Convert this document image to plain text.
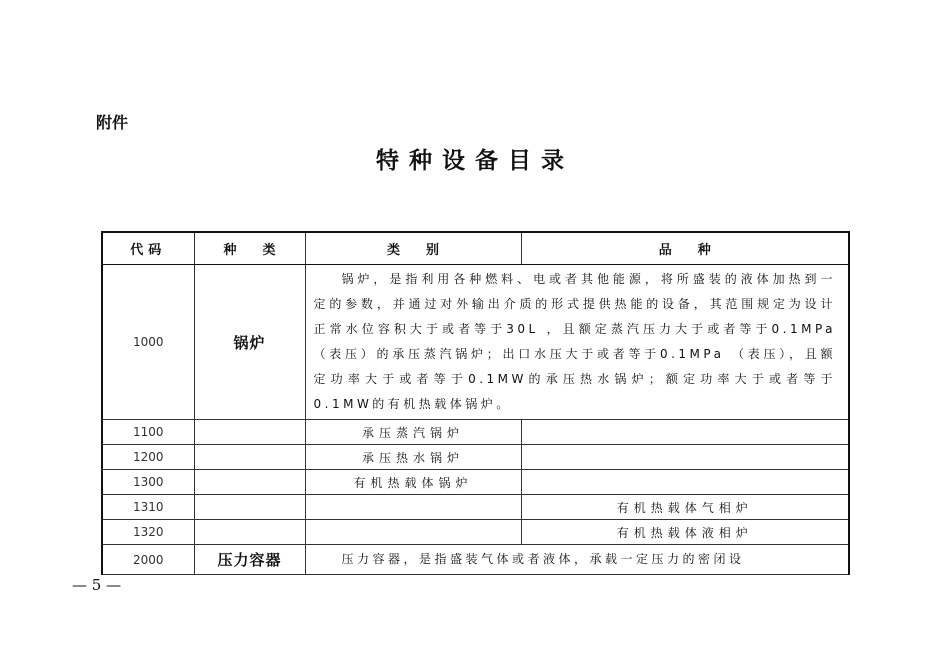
附件
特种设备目录
代码	种　　类	类　　别	品　　种
1000	锅炉	锅炉，是指利用各种燃料、电或者其他能源，将所盛装的液体加热到一定的参数，并通过对外输出介质的形式提供热能的设备，其范围规定为设计正常水位容积大于或者等于30L ，且额定蒸汽压力大于或者等于0.1MPa （表压）的承压蒸汽锅炉；出口水压大于或者等于0.1MPa （表压），且额定功率大于或者等于0.1MW的承压热水锅炉；额定功率大于或者等于0.1MW的有机热载体锅炉。	

1100		承压蒸汽锅炉	
1200		承压热水锅炉	
1300		有机热载体锅炉	
1310			有机热载体气相炉
1320			有机热载体液相炉
2000	压力容器	压力容器，是指盛装气体或者液体，承载一定压力的密闭设	
— 5 —
